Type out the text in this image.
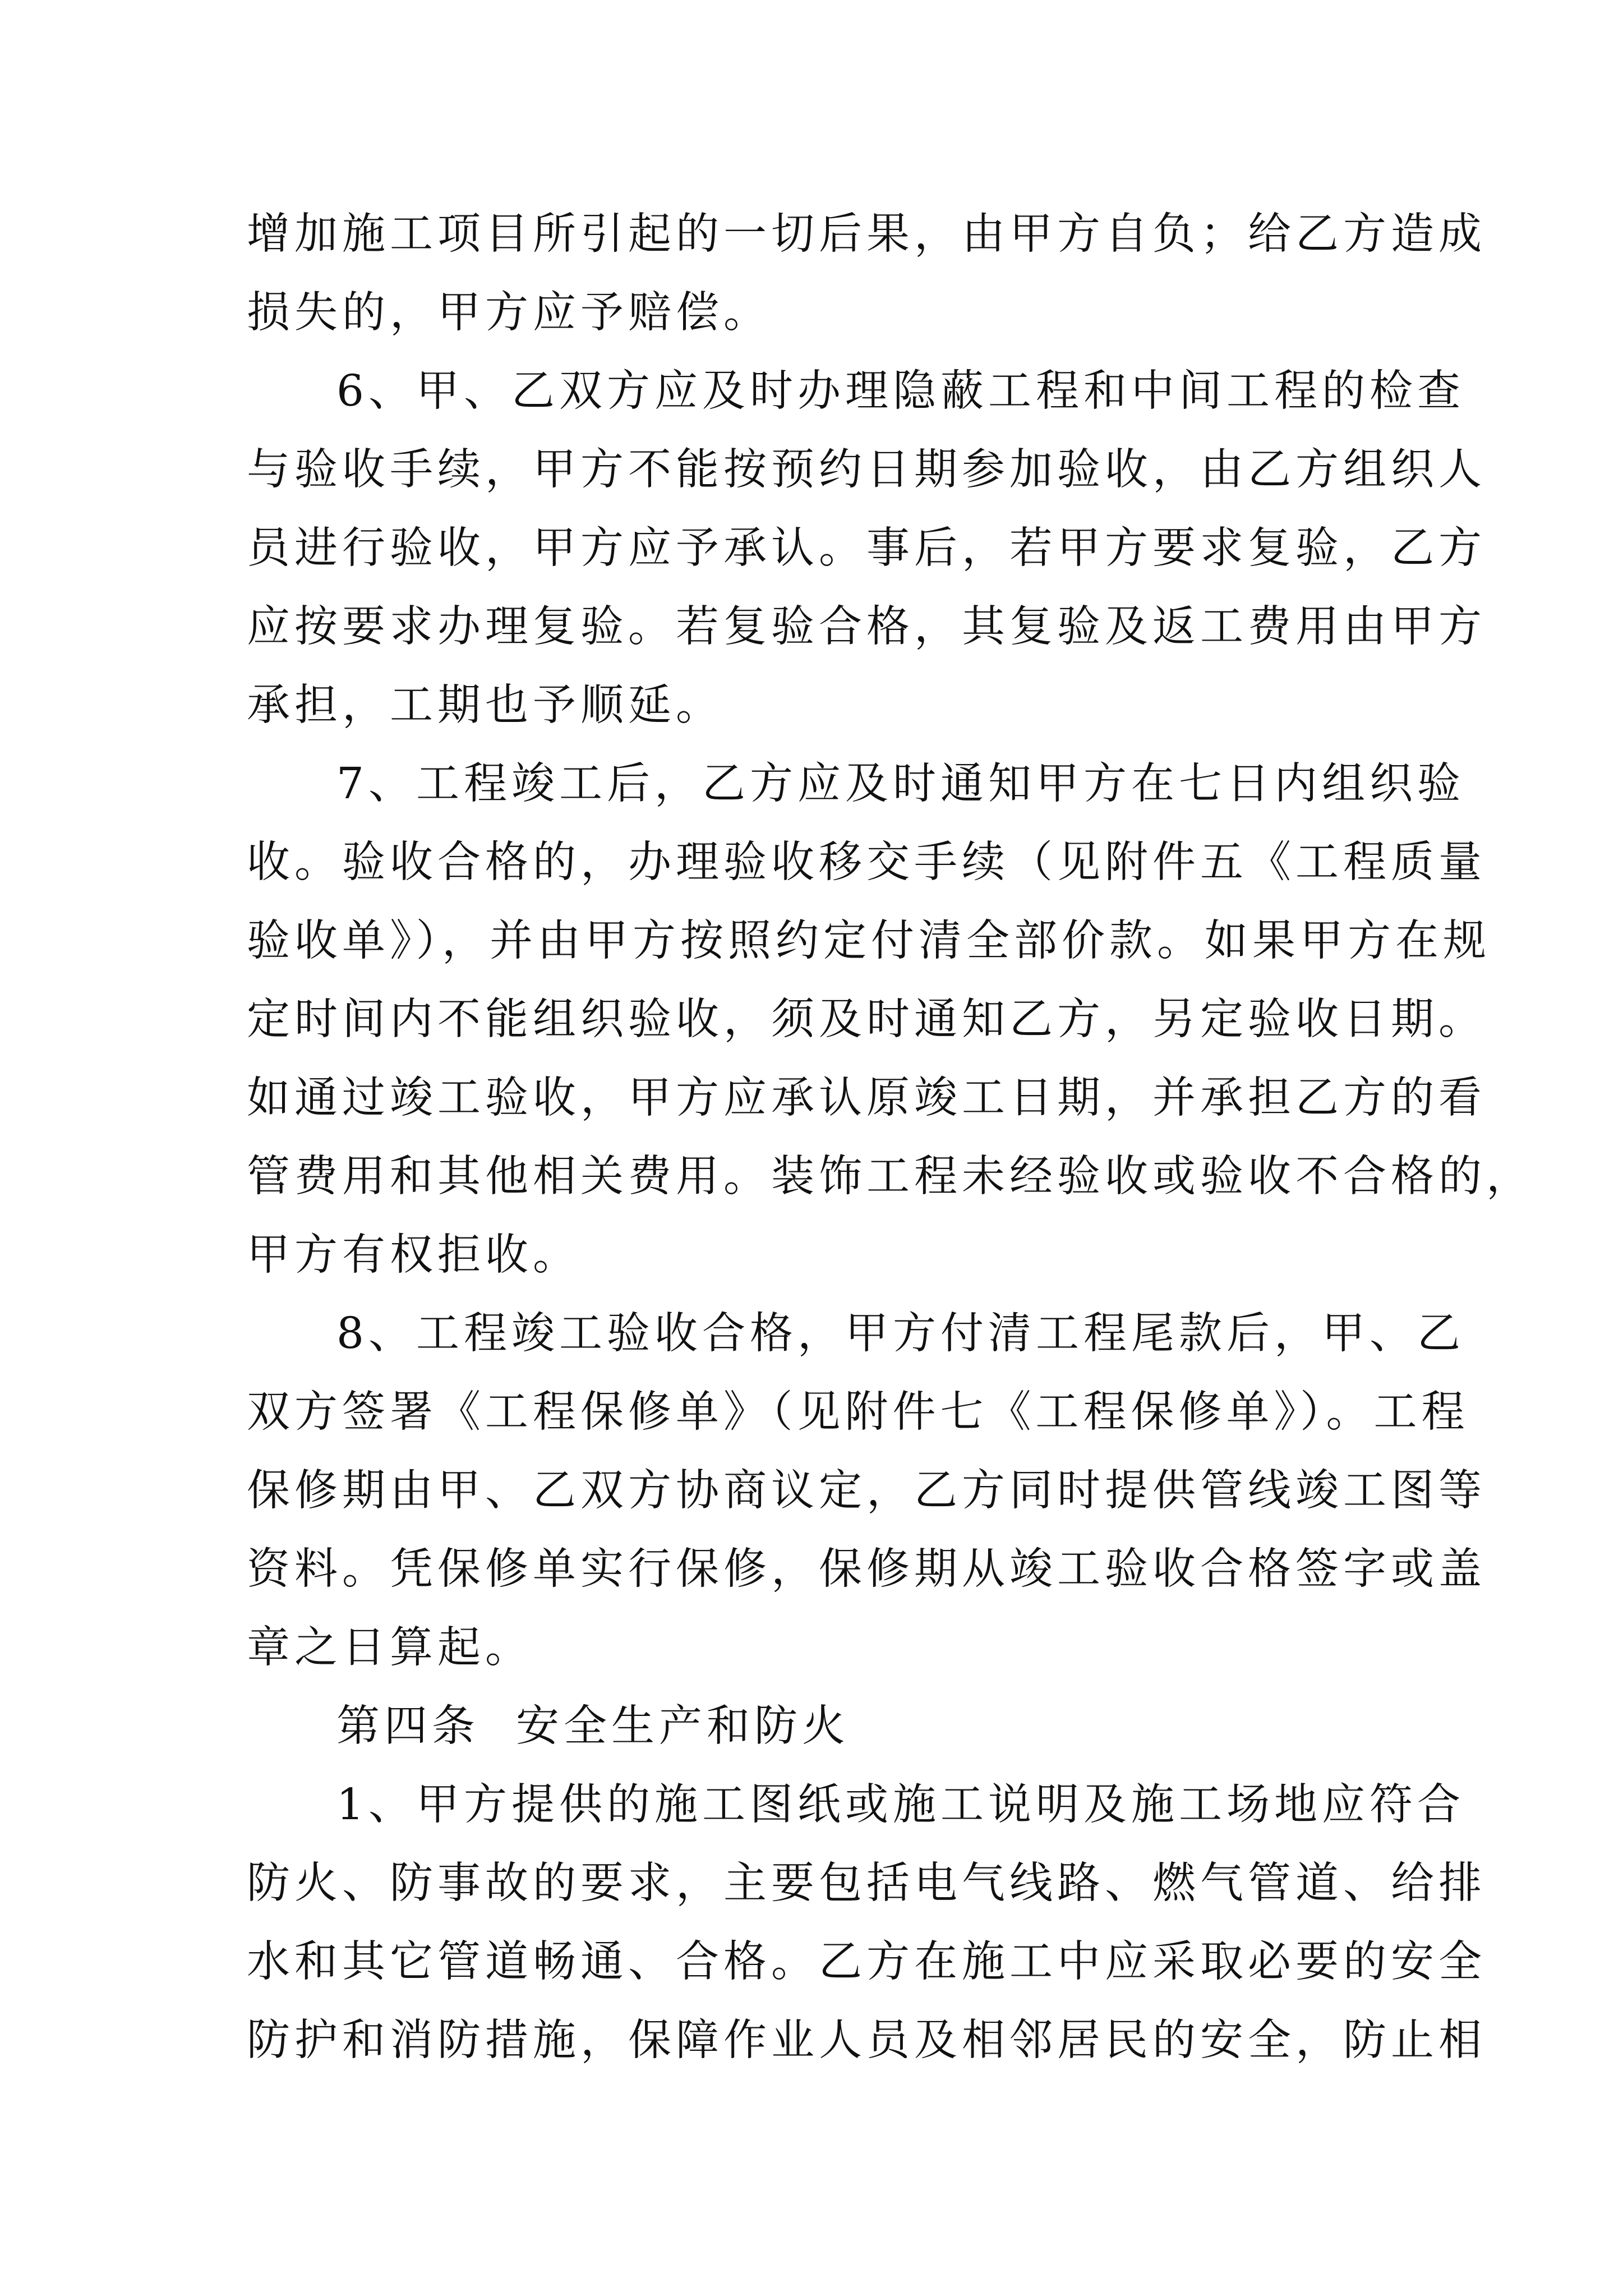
增加施工项目所引起的一切后果，由甲方自负；给乙方造成
损失的，甲方应予赔偿。
6、甲、乙双方应及时办理隐蔽工程和中间工程的检查
与验收手续，甲方不能按预约日期参加验收，由乙方组织人
员进行验收，甲方应予承认。事后，若甲方要求复验，乙方
应按要求办理复验。若复验合格，其复验及返工费用由甲方
承担，工期也予顺延。
7、工程竣工后，乙方应及时通知甲方在七日内组织验
收。验收合格的，办理验收移交手续（见附件五《工程质量
验收单》），并由甲方按照约定付清全部价款。如果甲方在规
定时间内不能组织验收，须及时通知乙方，另定验收日期。
如通过竣工验收，甲方应承认原竣工日期，并承担乙方的看
管费用和其他相关费用。装饰工程未经验收或验收不合格的，
甲方有权拒收。
8、工程竣工验收合格，甲方付清工程尾款后，甲、乙
双方签署《工程保修单》（见附件七《工程保修单》）。工程
保修期由甲、乙双方协商议定，乙方同时提供管线竣工图等
资料。凭保修单实行保修，保修期从竣工验收合格签字或盖
章之日算起。
第四条  安全生产和防火
1、甲方提供的施工图纸或施工说明及施工场地应符合
防火、防事故的要求，主要包括电气线路、燃气管道、给排
水和其它管道畅通、合格。乙方在施工中应采取必要的安全
防护和消防措施，保障作业人员及相邻居民的安全，防止相
